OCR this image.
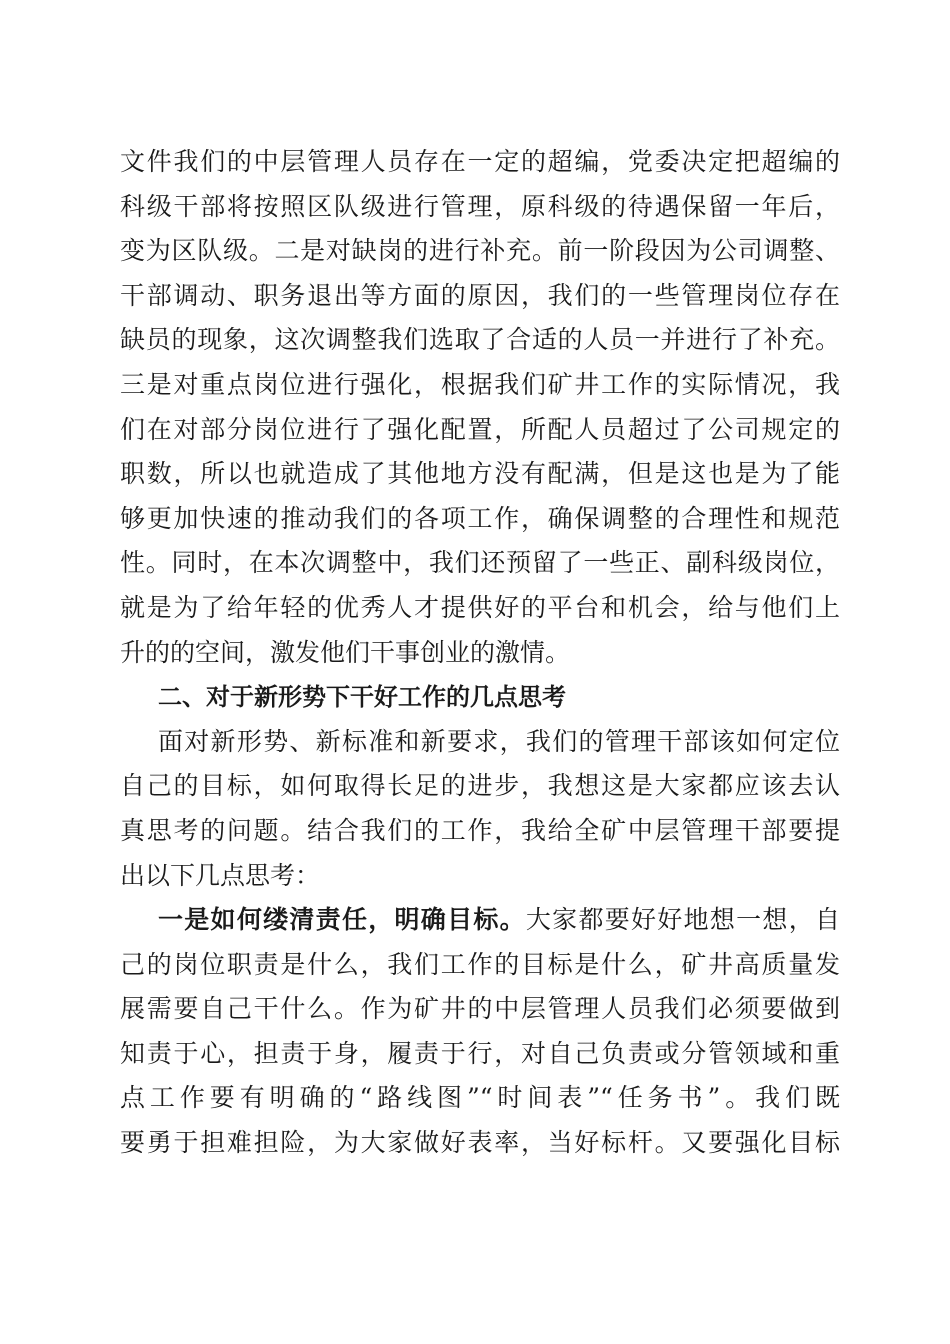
文件我们的中层管理人员存在一定的超编，党委决定把超编的
科级干部将按照区队级进行管理，原科级的待遇保留一年后，
变为区队级。二是对缺岗的进行补充。前一阶段因为公司调整、
干部调动、职务退出等方面的原因，我们的一些管理岗位存在
缺员的现象，这次调整我们选取了合适的人员一并进行了补充。
三是对重点岗位进行强化，根据我们矿井工作的实际情况，我
们在对部分岗位进行了强化配置，所配人员超过了公司规定的
职数，所以也就造成了其他地方没有配满，但是这也是为了能
够更加快速的推动我们的各项工作，确保调整的合理性和规范
性。同时，在本次调整中，我们还预留了一些正、副科级岗位，
就是为了给年轻的优秀人才提供好的平台和机会，给与他们上
升的的空间，激发他们干事创业的激情。
二、对于新形势下干好工作的几点思考
面对新形势、新标准和新要求，我们的管理干部该如何定位
自己的目标，如何取得长足的进步，我想这是大家都应该去认
真思考的问题。结合我们的工作，我给全矿中层管理干部要提
出以下几点思考：
一是如何缕清责任，明确目标。大家都要好好地想一想，自
己的岗位职责是什么，我们工作的目标是什么，矿井高质量发
展需要自己干什么。作为矿井的中层管理人员我们必须要做到
知责于心，担责于身，履责于行，对自己负责或分管领域和重
点工作要有明确的“路线图”“时间表”“任务书”。我们既
要勇于担难担险，为大家做好表率，当好标杆。又要强化目标
